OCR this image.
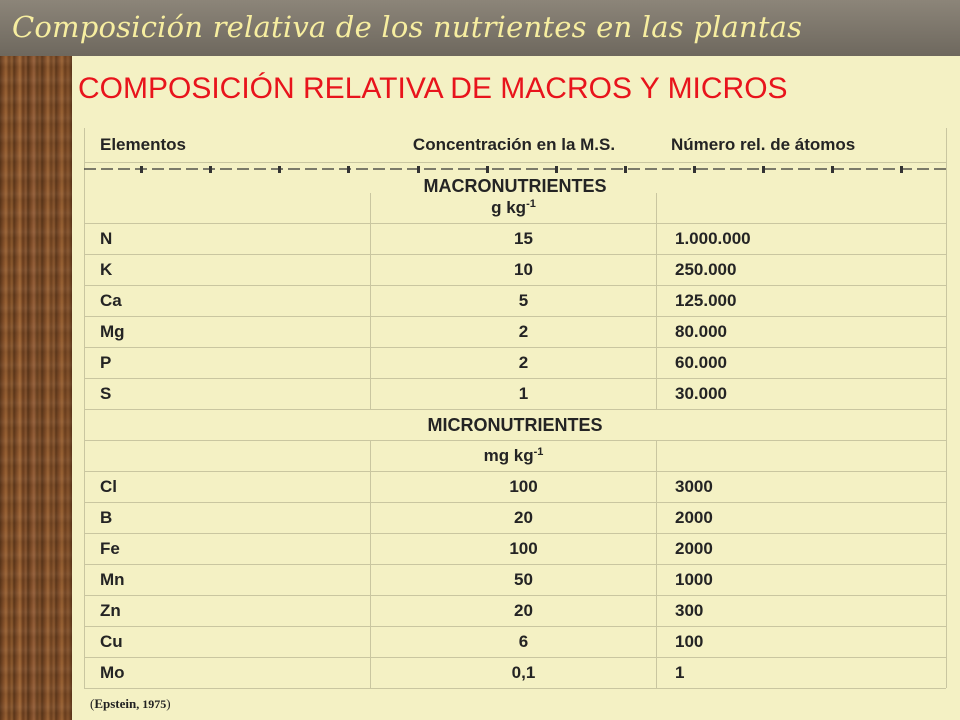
Composición relativa de los nutrientes en las plantas
COMPOSICIÓN RELATIVA DE MACROS Y MICROS
Elementos	Concentración en la M.S.	Número rel. de átomos
MACRONUTRIENTES
g $kg^{-1}$
N	15	1.000.000
K	10	250.000
Ca	5	125.000
Mg	2	80.000
P	2	60.000
S	1	30.000
MICRONUTRIENTES
mg $kg^{-1}$
Cl	100	3000
B	20	2000
Fe	100	2000
Mn	50	1000
Zn	20	300
Cu	6	100
Mo	0,1	1
(Epstein, 1975)
